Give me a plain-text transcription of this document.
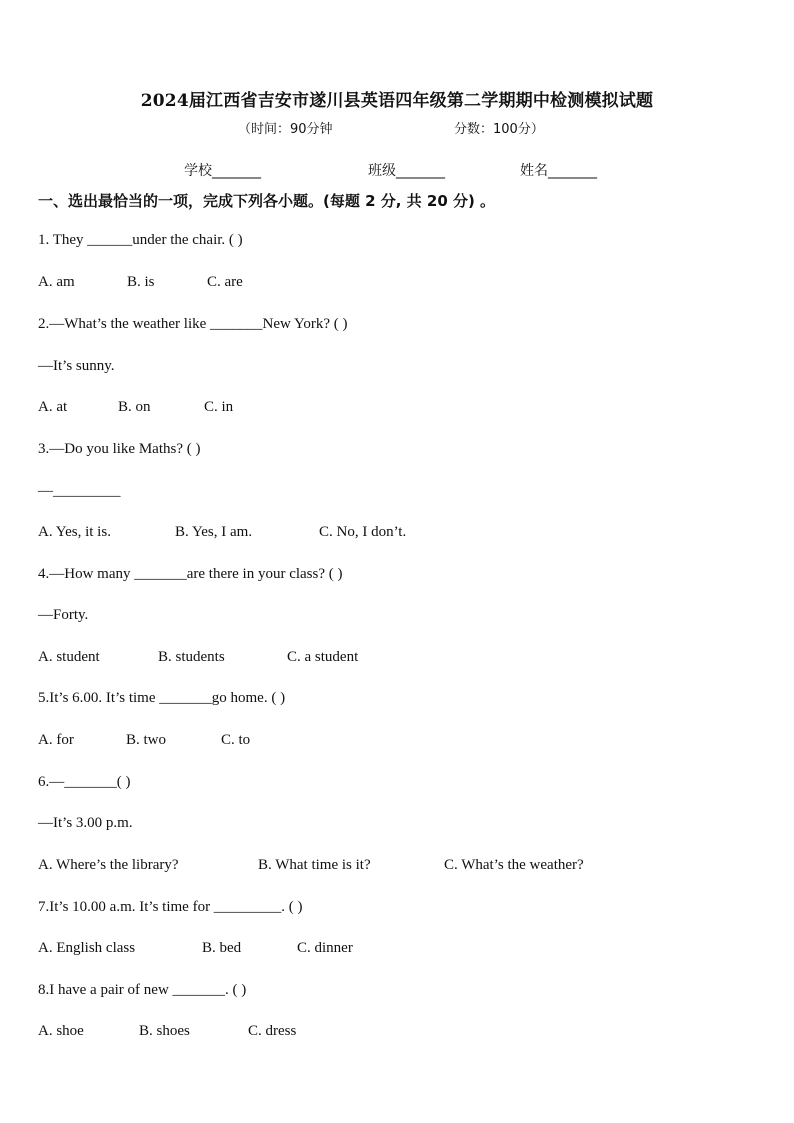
2024届江西省吉安市遂川县英语四年级第二学期期中检测模拟试题
（时间：90分钟	分数：100分）
学校_______	班级_______	姓名_______
一、选出最恰当的一项，完成下列各小题。(每题 2 分, 共 20 分) 。
1. They ______under the chair. ( )
A. am	B. is	C. are
2.—What’s the weather like _______New York? ( )
—It’s sunny.
A. at	B. on	C. in
3.—Do you like Maths? ( )
—_________
A. Yes, it is.	B. Yes, I am.	C. No, I don’t.
4.—How many _______are there in your class? ( )
—Forty.
A. student	B. students	C. a student
5.It’s 6.00. It’s time _______go home. ( )
A. for	B. two	C. to
6.—_______( )
—It’s 3.00 p.m.
A. Where’s the library?	B. What time is it?	C. What’s the weather?
7.It’s 10.00 a.m. It’s time for _________. ( )
A. English class	B. bed	C. dinner
8.I have a pair of new _______. ( )
A. shoe	B. shoes	C. dress
